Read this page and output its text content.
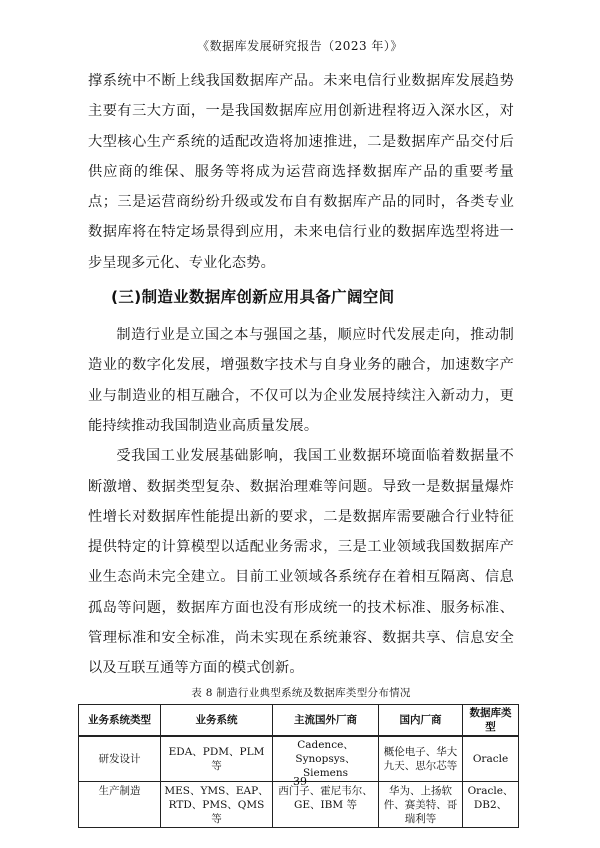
《数据库发展研究报告（2023 年）》

撑系统中不断上线我国数据库产品。未来电信行业数据库发展趋势主要有三大方面，一是我国数据库应用创新进程将迈入深水区，对大型核心生产系统的适配改造将加速推进，二是数据库产品交付后供应商的维保、服务等将成为运营商选择数据库产品的重要考量点；三是运营商纷纷升级或发布自有数据库产品的同时，各类专业数据库将在特定场景得到应用，未来电信行业的数据库选型将进一步呈现多元化、专业化态势。

(三)制造业数据库创新应用具备广阔空间

制造行业是立国之本与强国之基，顺应时代发展走向，推动制造业的数字化发展，增强数字技术与自身业务的融合，加速数字产业与制造业的相互融合，不仅可以为企业发展持续注入新动力，更能持续推动我国制造业高质量发展。

受我国工业发展基础影响，我国工业数据环境面临着数据量不断激增、数据类型复杂、数据治理难等问题。导致一是数据量爆炸性增长对数据库性能提出新的要求，二是数据库需要融合行业特征提供特定的计算模型以适配业务需求，三是工业领域我国数据库产业生态尚未完全建立。目前工业领域各系统存在着相互隔离、信息孤岛等问题，数据库方面也没有形成统一的技术标准、服务标准、管理标准和安全标准，尚未实现在系统兼容、数据共享、信息安全以及互联互通等方面的模式创新。

表 8 制造行业典型系统及数据库类型分布情况
业务系统类型	业务系统	主流国外厂商	国内厂商	数据库类型
研发设计	EDA、PDM、PLM 等	Cadence、Synopsys、Siemens	概伦电子、华大九天、思尔芯等	Oracle
生产制造	MES、YMS、EAP、RTD、PMS、QMS 等	西门子、霍尼韦尔、GE、IBM 等	华为、上扬软件、赛美特、哥瑞利等	Oracle、DB2、
39
